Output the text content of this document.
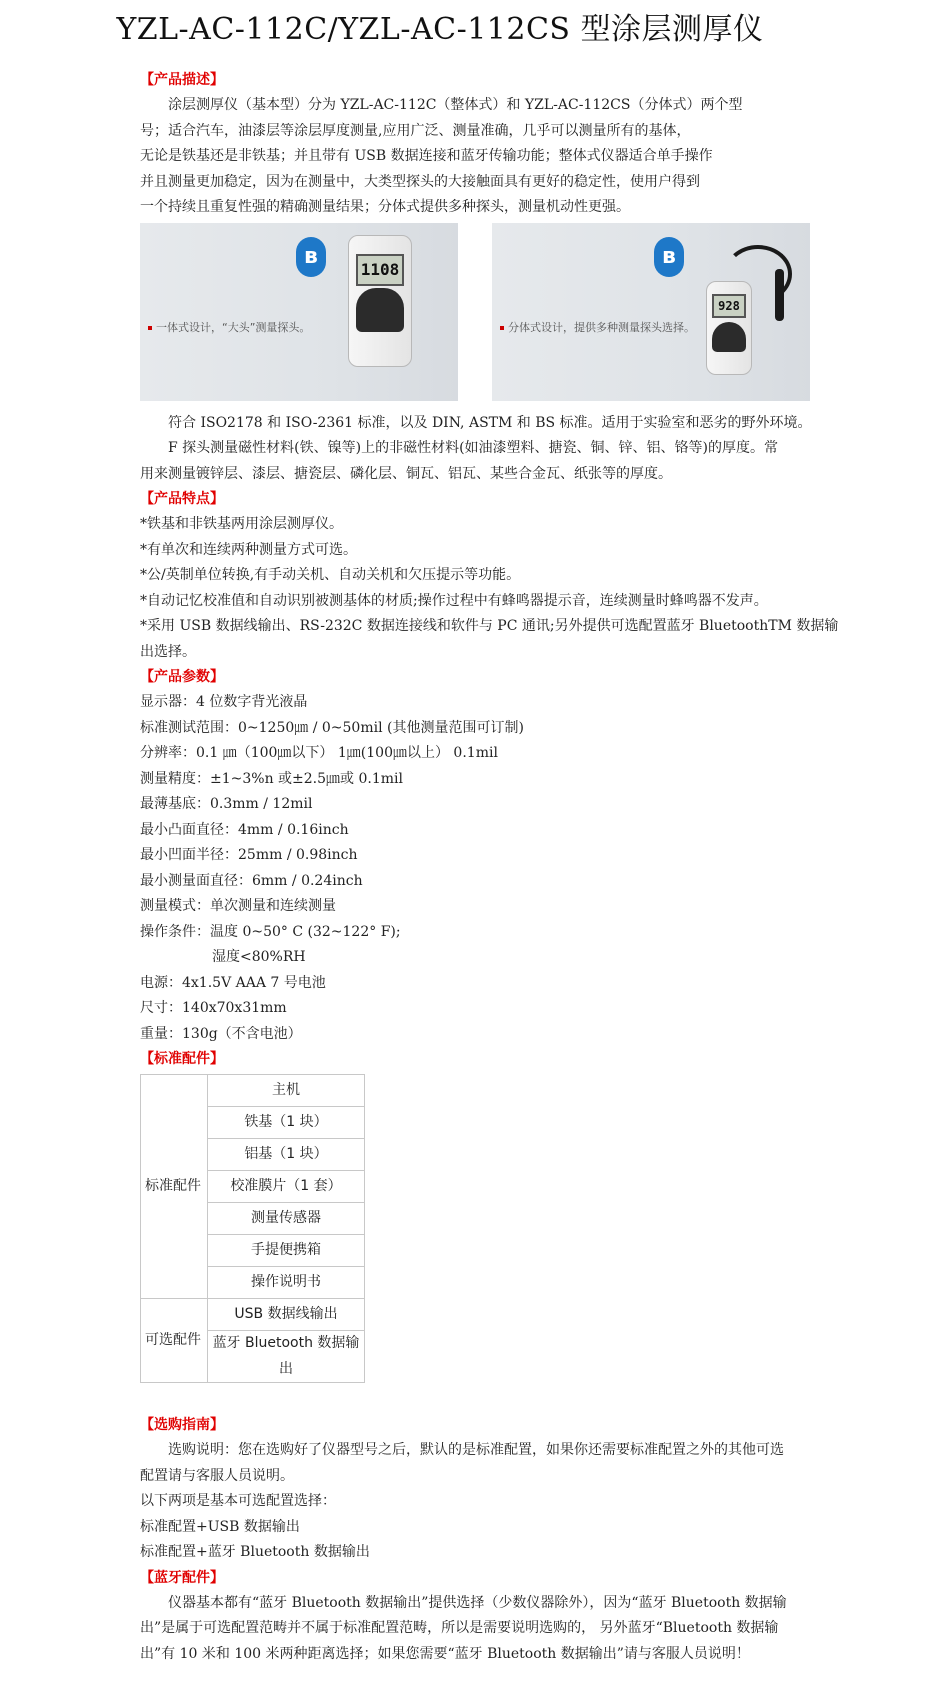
YZL-AC-112C/YZL-AC-112CS 型涂层测厚仪
【产品描述】
涂层测厚仪（基本型）分为 YZL-AC-112C（整体式）和 YZL-AC-112CS（分体式）两个型
号；适合汽车，油漆层等涂层厚度测量,应用广泛、测量准确，几乎可以测量所有的基体，
无论是铁基还是非铁基；并且带有 USB 数据连接和蓝牙传输功能；整体式仪器适合单手操作
并且测量更加稳定，因为在测量中，大类型探头的大接触面具有更好的稳定性，使用户得到
一个持续且重复性强的精确测量结果；分体式提供多种探头，测量机动性更强。
一体式设计，“大头”测量探头。
ʙ
1108
分体式设计，提供多种测量探头选择。
ʙ
928
符合 ISO2178 和 ISO-2361 标准，以及 DIN, ASTM 和 BS 标准。适用于实验室和恶劣的野外环境。
F 探头测量磁性材料(铁、镍等)上的非磁性材料(如油漆塑料、搪瓷、铜、锌、铝、铬等)的厚度。常
用来测量镀锌层、漆层、搪瓷层、磷化层、铜瓦、铝瓦、某些合金瓦、纸张等的厚度。
【产品特点】
*铁基和非铁基两用涂层测厚仪。
*有单次和连续两种测量方式可选。
*公/英制单位转换,有手动关机、自动关机和欠压提示等功能。
*自动记忆校准值和自动识别被测基体的材质;操作过程中有蜂鸣器提示音，连续测量时蜂鸣器不发声。
*采用 USB 数据线输出、RS-232C 数据连接线和软件与 PC 通讯;另外提供可选配置蓝牙 BluetoothTM 数据输
出选择。
【产品参数】
显示器：4 位数字背光液晶
标准测试范围：0~1250㎛ / 0~50mil (其他测量范围可订制)
分辨率：0.1 ㎛（100㎛以下） 1㎛(100㎛以上） 0.1mil
测量精度：±1~3%n 或±2.5㎛或 0.1mil
最薄基底：0.3mm / 12mil
最小凸面直径：4mm / 0.16inch
最小凹面半径：25mm / 0.98inch
最小测量面直径：6mm / 0.24inch
测量模式：单次测量和连续测量
操作条件：温度 0~50° C (32~122° F);
湿度<80%RH
电源：4x1.5V AAA 7 号电池
尺寸：140x70x31mm
重量：130g（不含电池）
【标准配件】
标准配件	主机
	铁基（1 块）
	铝基（1 块）
	校准膜片（1 套）
	测量传感器
	手提便携箱
	操作说明书
可选配件	USB 数据线输出
	蓝牙 Bluetooth 数据输出
【选购指南】
选购说明：您在选购好了仪器型号之后，默认的是标准配置，如果你还需要标准配置之外的其他可选
配置请与客服人员说明。
以下两项是基本可选配置选择：
标准配置+USB 数据输出
标准配置+蓝牙 Bluetooth 数据输出
【蓝牙配件】
仪器基本都有“蓝牙 Bluetooth 数据输出”提供选择（少数仪器除外），因为“蓝牙 Bluetooth 数据输
出”是属于可选配置范畴并不属于标准配置范畴，所以是需要说明选购的， 另外蓝牙“Bluetooth 数据输
出”有 10 米和 100 米两种距离选择；如果您需要“蓝牙 Bluetooth 数据输出”请与客服人员说明！
